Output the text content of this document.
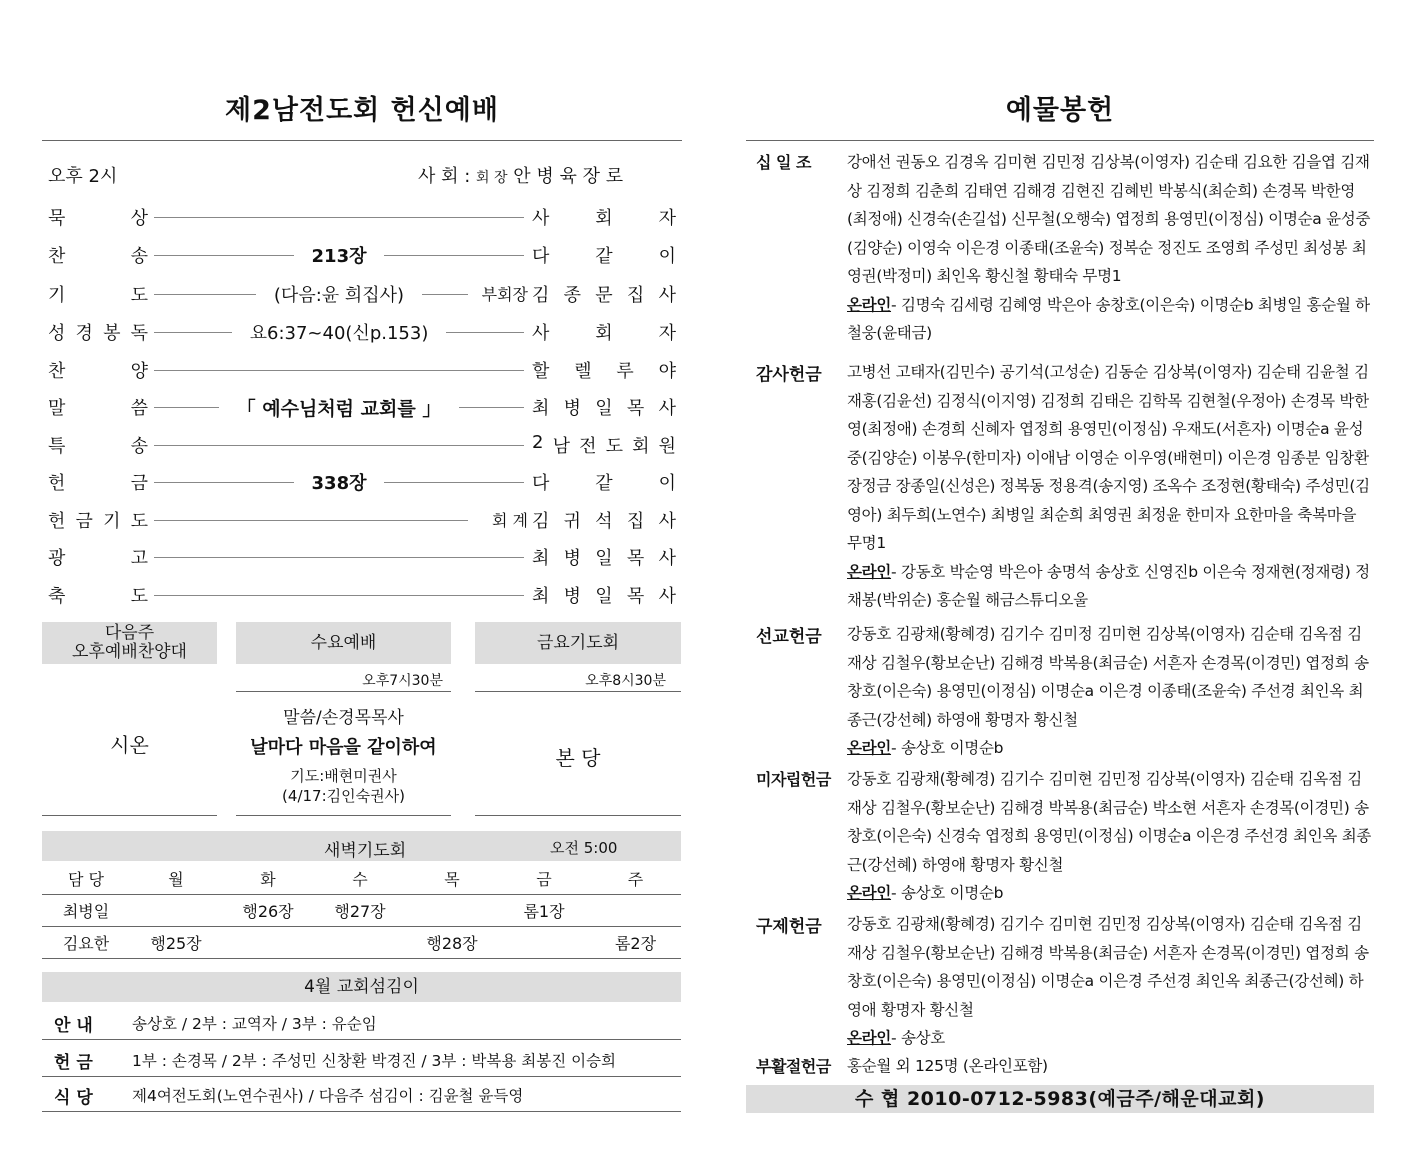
제2남전도회 헌신예배
오후 2시	사 회 : 회 장 안 병 육 장 로
묵	상	사	회	자
찬	송	213장	다	같	이
기	도	(다음:윤 희집사)	부회장 김 종 문 집 사
성 경 봉 독	요6:37~40(신p.153)	사	회	자
찬	양	할 렐 루 야
말	씀	「 예수님처럼 교회를 」	최 병 일 목 사
특	송	2 남 전 도 회 원
헌	금	338장	다	같	이
헌 금 기 도	회 계 김 귀 석 집 사
광	고	최 병 일 목 사
축	도	최 병 일 목 사
다음주
오후예배찬양대
시온
수요예배
오후7시30분
말씀/손경목목사
날마다 마음을 같이하여
기도:배현미권사
(4/17:김인숙권사)
금요기도회
오후8시30분
본 당
새벽기도회	오전 5:00
담 당	월	화	수	목	금	주
최병일		행26장	행27장		롬1장	
김요한	행25장			행28장		롬2장
4월 교회섬김이
안 내	송상호 / 2부 : 교역자 / 3부 : 유순임
헌 금	1부 : 손경목 / 2부 : 주성민 신창환 박경진 / 3부 : 박복용 최봉진 이승희
식 당	제4여전도회(노연수권사) / 다음주 섬김이 : 김윤철 윤득영
예물봉헌
십 일 조 강애선 권동오 김경옥 김미현 김민정 김상복(이영자) 김순태 김요한 김을엽 김재상 김정희 김춘희 김태연 김해경 김현진 김혜빈 박봉식(최순희) 손경목 박한영(최정애) 신경숙(손길섭) 신무철(오행숙) 엽정희 용영민(이정심) 이명순a 윤성중(김양순) 이영숙 이은경 이종태(조윤숙) 정복순 정진도 조영희 주성민 최성봉 최영권(박정미) 최인옥 황신철 황태숙 무명1
온라인- 김명숙 김세령 김혜영 박은아 송창호(이은숙) 이명순b 최병일 홍순월 하철웅(윤태금)
감사헌금 고병선 고태자(김민수) 공기석(고성순) 김동순 김상복(이영자) 김순태 김윤철 김재홍(김윤선) 김정식(이지영) 김정희 김태은 김학목 김현철(우정아) 손경목 박한영(최정애) 손경희 신혜자 엽정희 용영민(이정심) 우재도(서흔자) 이명순a 윤성중(김양순) 이봉우(한미자) 이애남 이영순 이우영(배현미) 이은경 임종분 임창환 장정금 장종일(신성은) 정복동 정용격(송지영) 조옥수 조정현(황태숙) 주성민(김영아) 최두희(노연수) 최병일 최순희 최영권 최정윤 한미자 요한마을 축복마을 무명1
온라인- 강동호 박순영 박은아 송명석 송상호 신영진b 이은숙 정재현(정재령) 정채봉(박위순) 홍순월 해금스튜디오울
선교헌금 강동호 김광채(황혜경) 김기수 김미정 김미현 김상복(이영자) 김순태 김옥점 김재상 김철우(황보순난) 김해경 박복용(최금순) 서흔자 손경목(이경민) 엽정희 송창호(이은숙) 용영민(이정심) 이명순a 이은경 이종태(조윤숙) 주선경 최인옥 최종근(강선혜) 하영애 황명자 황신철
온라인- 송상호 이명순b
미자립헌금 강동호 김광채(황혜경) 김기수 김미현 김민정 김상복(이영자) 김순태 김옥점 김재상 김철우(황보순난) 김해경 박복용(최금순) 박소현 서흔자 손경목(이경민) 송창호(이은숙) 신경숙 엽정희 용영민(이정심) 이명순a 이은경 주선경 최인옥 최종근(강선혜) 하영애 황명자 황신철
온라인- 송상호 이명순b
구제헌금 강동호 김광채(황혜경) 김기수 김미현 김민정 김상복(이영자) 김순태 김옥점 김재상 김철우(황보순난) 김해경 박복용(최금순) 서흔자 손경목(이경민) 엽정희 송창호(이은숙) 용영민(이정심) 이명순a 이은경 주선경 최인옥 최종근(강선혜) 하영애 황명자 황신철
온라인- 송상호
부활절헌금 홍순월 외 125명 (온라인포함)
수 협 2010-0712-5983(예금주/해운대교회)
